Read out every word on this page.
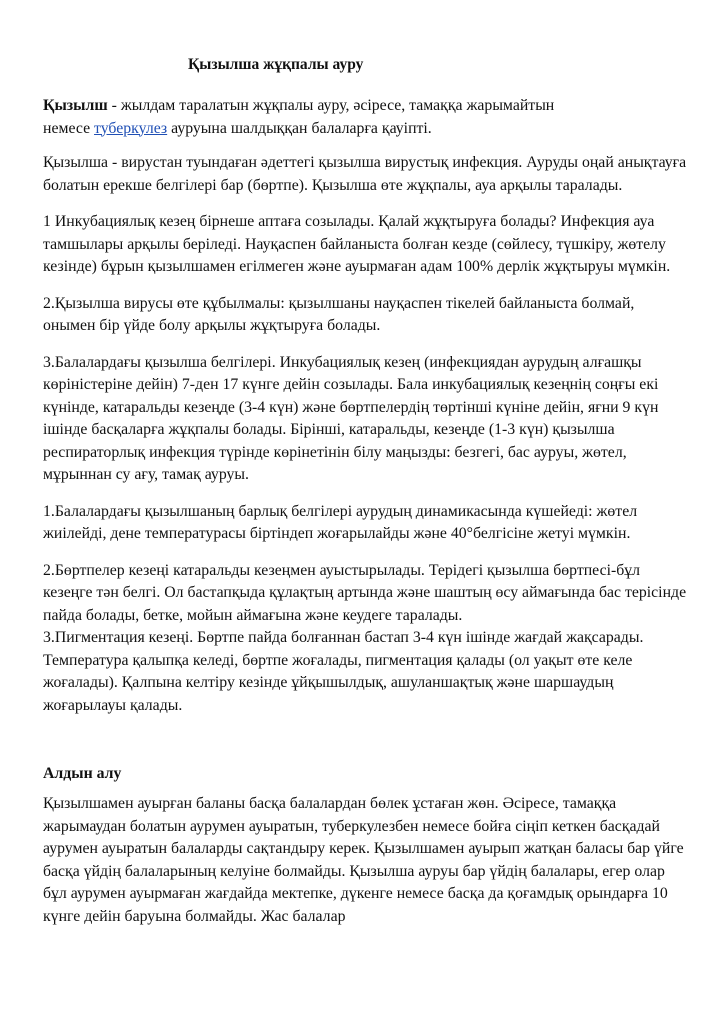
Қызылша жұқпалы ауру

Қызылш - жылдам таралатын жұқпалы ауру, әсіресе, тамаққа жарымайтын
немесе туберкулез ауруына шалдыққан балаларға қауіпті.

Қызылша - вирустан туындаған әдеттегі қызылша вирустық инфекция. Ауруды оңай анықтауға болатын ерекше белгілері бар (бөртпе). Қызылша өте жұқпалы, ауа арқылы таралады.

1 Инкубациялық кезең бірнеше аптаға созылады. Қалай жұқтыруға болады? Инфекция ауа тамшылары арқылы беріледі. Науқаспен байланыста болған кезде (сөйлесу, түшкіру, жөтелу кезінде) бұрын қызылшамен егілмеген және ауырмаған адам 100% дерлік жұқтыруы мүмкін.

2.Қызылша вирусы өте құбылмалы: қызылшаны науқаспен тікелей байланыста болмай, онымен бір үйде болу арқылы жұқтыруға болады.

3.Балалардағы қызылша белгілері. Инкубациялық кезең (инфекциядан аурудың алғашқы көріністеріне дейін) 7-ден 17 күнге дейін созылады. Бала инкубациялық кезеңнің соңғы екі күнінде, катаральды кезеңде (3-4 күн) және бөртпелердің төртінші күніне дейін, яғни 9 күн ішінде басқаларға жұқпалы болады. Бірінші, катаральды, кезеңде (1-3 күн) қызылша респираторлық инфекция түрінде көрінетінін білу маңызды: безгегі, бас ауруы, жөтел, мұрыннан су ағу, тамақ ауруы.

1.Балалардағы қызылшаның барлық белгілері аурудың динамикасында күшейеді: жөтел жиілейді, дене температурасы біртіндеп жоғарылайды және 40°белгісіне жетуі мүмкін.

2.Бөртпелер кезеңі катаральды кезеңмен ауыстырылады. Терідегі қызылша бөртпесі-бұл кезеңге тән белгі. Ол бастапқыда құлақтың артында және шаштың өсу аймағында бас терісінде пайда болады, бетке, мойын аймағына және кеудеге таралады.

3.Пигментация кезеңі. Бөртпе пайда болғаннан бастап 3-4 күн ішінде жағдай жақсарады. Температура қалыпқа келеді, бөртпе жоғалады, пигментация қалады (ол уақыт өте келе жоғалады). Қалпына келтіру кезінде ұйқышылдық, ашуланшақтық және шаршаудың жоғарылауы қалады.

Алдын алу

Қызылшамен ауырған баланы басқа балалардан бөлек ұстаған жөн. Әсіресе, тамаққа жарымаудан болатын аурумен ауыратын, туберкулезбен немесе бойға сіңіп кеткен басқадай аурумен ауыратын балаларды сақтандыру керек. Қызылшамен ауырып жатқан баласы бар үйге басқа үйдің балаларының келуіне болмайды. Қызылша ауруы бар үйдің балалары, егер олар бұл аурумен ауырмаған жағдайда мектепке, дүкенге немесе басқа да қоғамдық орындарға 10 күнге дейін баруына болмайды. Жас балалар
